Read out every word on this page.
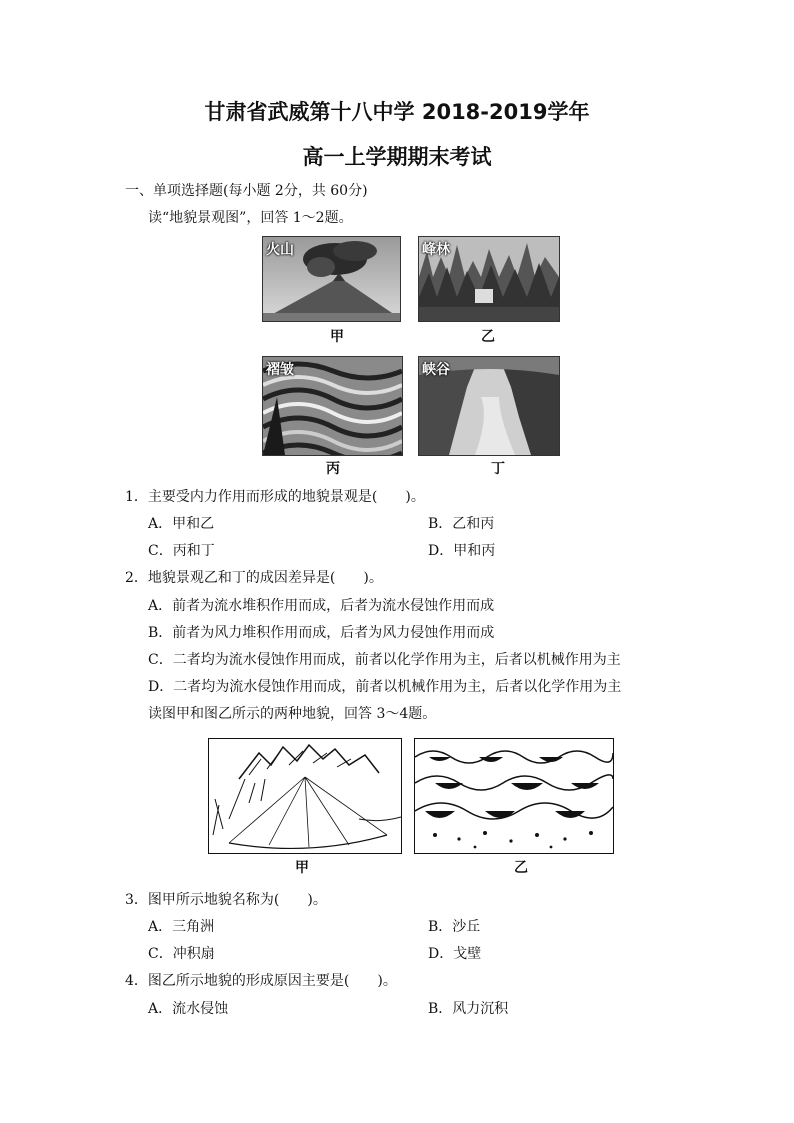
甘肃省武威第十八中学 2018-2019学年
高一上学期期末考试
一、单项选择题(每小题 2分，共 60分)
读“地貌景观图”，回答 1～2题。
火山
甲
峰林
乙
褶皱
丙
峡谷
丁
1．主要受内力作用而形成的地貌景观是(　　)。
A．甲和乙	B．乙和丙
C．丙和丁	D．甲和丙
2．地貌景观乙和丁的成因差异是(　　)。
A．前者为流水堆积作用而成，后者为流水侵蚀作用而成
B．前者为风力堆积作用而成，后者为风力侵蚀作用而成
C．二者均为流水侵蚀作用而成，前者以化学作用为主，后者以机械作用为主
D．二者均为流水侵蚀作用而成，前者以机械作用为主，后者以化学作用为主
读图甲和图乙所示的两种地貌，回答 3～4题。
甲	乙
3．图甲所示地貌名称为(　　)。
A．三角洲	B．沙丘
C．冲积扇	D．戈壁
4．图乙所示地貌的形成原因主要是(　　)。
A．流水侵蚀	B．风力沉积
